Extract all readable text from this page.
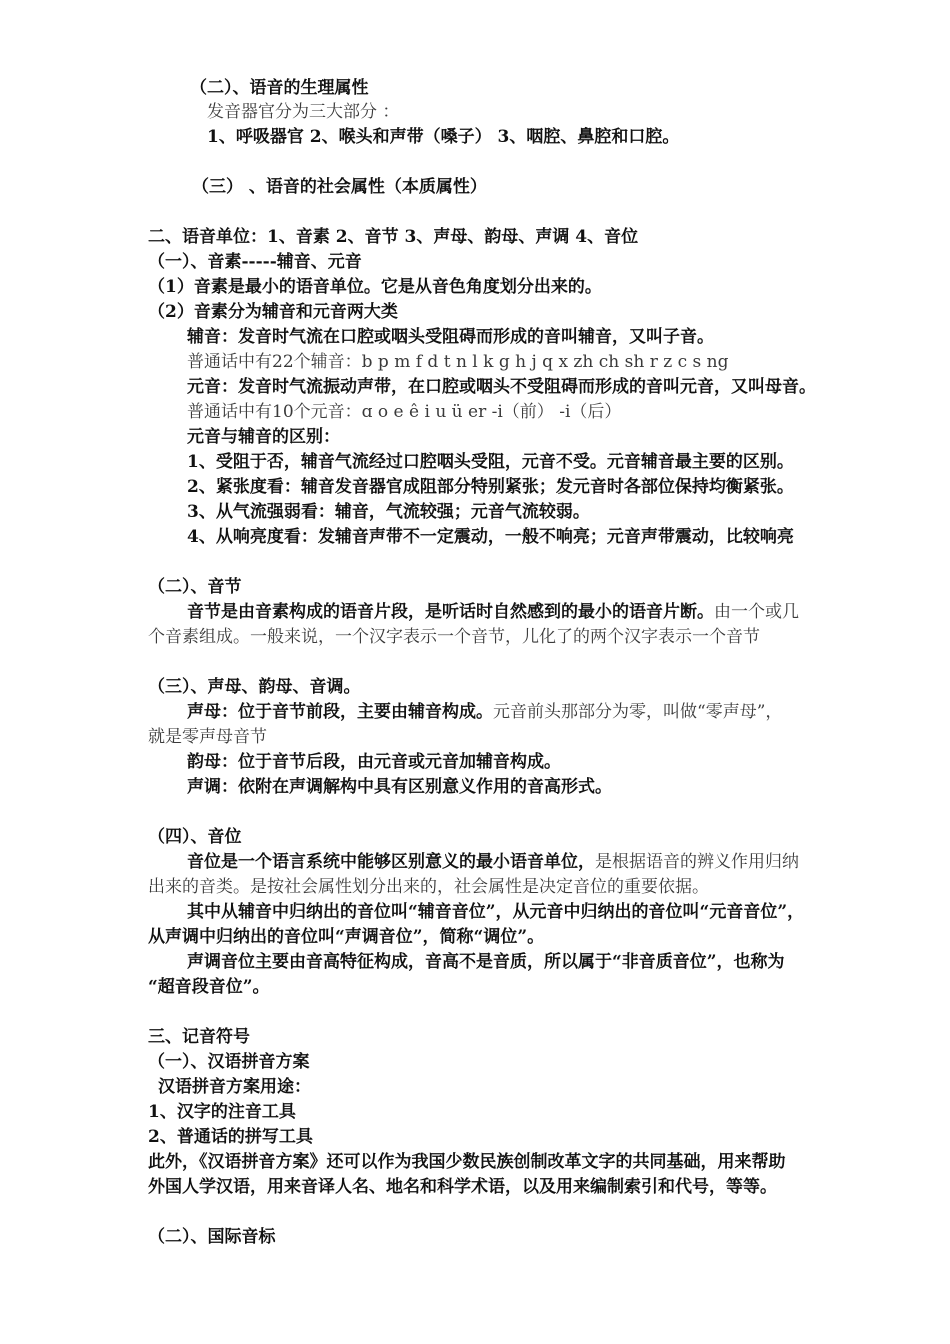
（二）、语音的生理属性
发音器官分为三大部分 ：
1、呼吸器官 2、喉头和声带（嗓子） 3、咽腔、鼻腔和口腔。
（三） 、语音的社会属性（本质属性）
二、语音单位：1、音素 2、音节 3、声母、韵母、声调 4、音位
（一）、音素-----辅音、元音
（1）音素是最小的语音单位。它是从音色角度划分出来的。
（2）音素分为辅音和元音两大类
辅音：发音时气流在口腔或咽头受阻碍而形成的音叫辅音，又叫子音。
普通话中有22个辅音：b p m f d t n l k g h j q x zh ch sh r z c s ng
元音：发音时气流振动声带，在口腔或咽头不受阻碍而形成的音叫元音，又叫母音。
普通话中有10个元音：ɑ o e ê i u ü er -i（前） -i（后）
元音与辅音的区别：
1、受阻于否，辅音气流经过口腔咽头受阻，元音不受。元音辅音最主要的区别。
2、紧张度看：辅音发音器官成阻部分特别紧张；发元音时各部位保持均衡紧张。
3、从气流强弱看：辅音，气流较强；元音气流较弱。
4、从响亮度看：发辅音声带不一定震动，一般不响亮；元音声带震动，比较响亮
（二）、音节
音节是由音素构成的语音片段，是听话时自然感到的最小的语音片断。由一个或几
个音素组成。一般来说，一个汉字表示一个音节，儿化了的两个汉字表示一个音节
（三）、声母、韵母、音调。
声母：位于音节前段，主要由辅音构成。元音前头那部分为零，叫做“零声母”，
就是零声母音节
韵母：位于音节后段，由元音或元音加辅音构成。
声调：依附在声调解构中具有区别意义作用的音高形式。
（四）、音位
音位是一个语言系统中能够区别意义的最小语音单位，是根据语音的辨义作用归纳
出来的音类。是按社会属性划分出来的，社会属性是决定音位的重要依据。
其中从辅音中归纳出的音位叫“辅音音位”，从元音中归纳出的音位叫“元音音位”，
从声调中归纳出的音位叫“声调音位”，简称“调位”。
声调音位主要由音高特征构成，音高不是音质，所以属于“非音质音位”，也称为
“超音段音位”。
三、记音符号
（一）、汉语拼音方案
汉语拼音方案用途：
1、汉字的注音工具
2、普通话的拼写工具
此外，《汉语拼音方案》还可以作为我国少数民族创制改革文字的共同基础，用来帮助
外国人学汉语，用来音译人名、地名和科学术语，以及用来编制索引和代号，等等。
（二）、国际音标
